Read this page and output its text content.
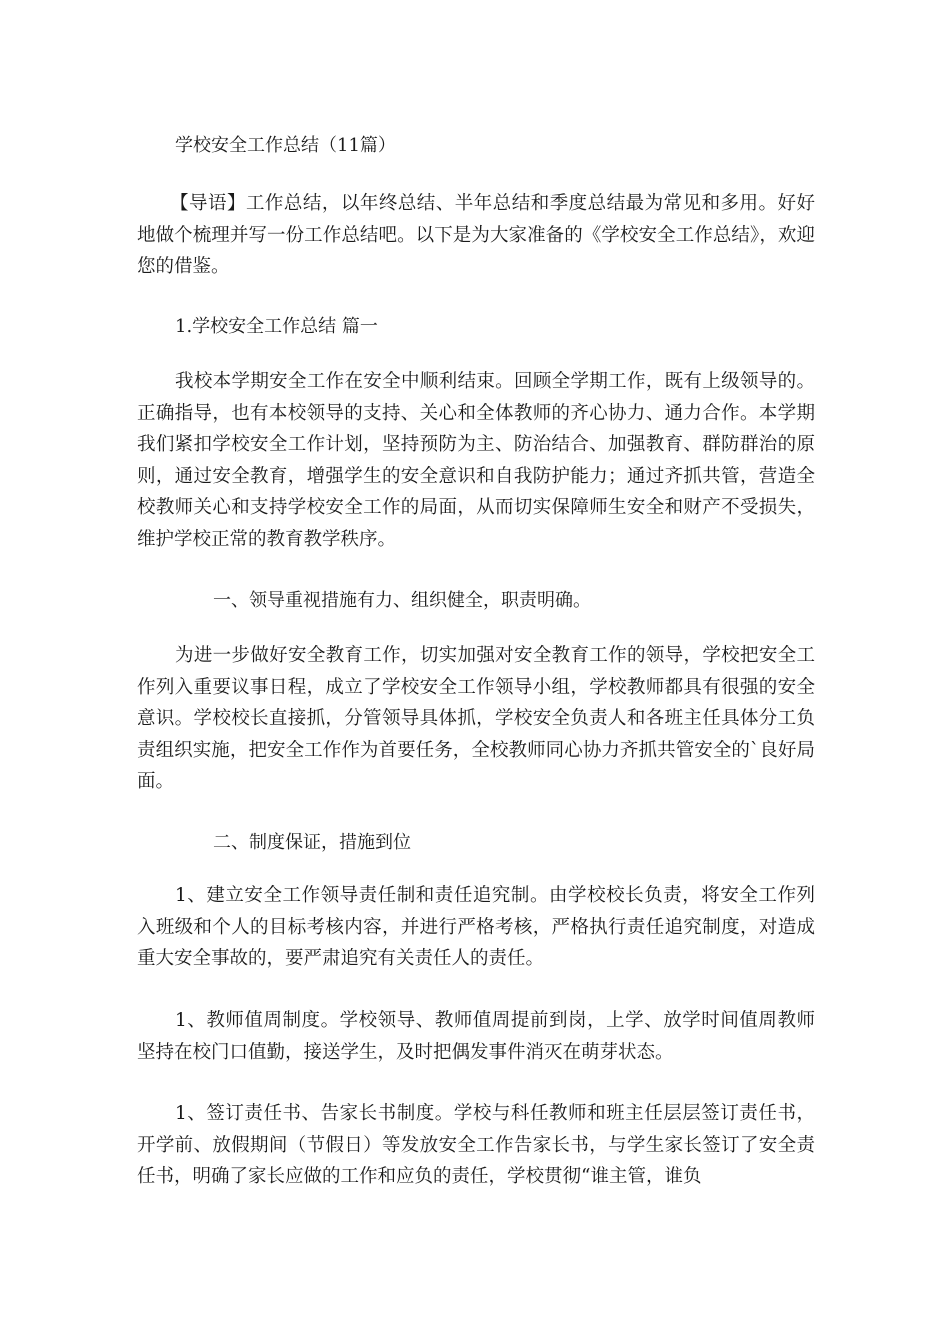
学校安全工作总结（11篇）

【导语】工作总结，以年终总结、半年总结和季度总结最为常见和多用。好好地做个梳理并写一份工作总结吧。以下是为大家准备的《学校安全工作总结》，欢迎您的借鉴。

1.学校安全工作总结 篇一

我校本学期安全工作在安全中顺利结束。回顾全学期工作，既有上级领导的。正确指导，也有本校领导的支持、关心和全体教师的齐心协力、通力合作。本学期我们紧扣学校安全工作计划，坚持预防为主、防治结合、加强教育、群防群治的原则，通过安全教育，增强学生的安全意识和自我防护能力；通过齐抓共管，营造全校教师关心和支持学校安全工作的局面，从而切实保障师生安全和财产不受损失，维护学校正常的教育教学秩序。

一、领导重视措施有力、组织健全，职责明确。

为进一步做好安全教育工作，切实加强对安全教育工作的领导，学校把安全工作列入重要议事日程，成立了学校安全工作领导小组，学校教师都具有很强的安全意识。学校校长直接抓，分管领导具体抓，学校安全负责人和各班主任具体分工负责组织实施，把安全工作作为首要任务，全校教师同心协力齐抓共管安全的`良好局面。

二、制度保证，措施到位

1、建立安全工作领导责任制和责任追究制。由学校校长负责，将安全工作列入班级和个人的目标考核内容，并进行严格考核，严格执行责任追究制度，对造成重大安全事故的，要严肃追究有关责任人的责任。

1、教师值周制度。学校领导、教师值周提前到岗，上学、放学时间值周教师坚持在校门口值勤，接送学生，及时把偶发事件消灭在萌芽状态。

1、签订责任书、告家长书制度。学校与科任教师和班主任层层签订责任书，开学前、放假期间（节假日）等发放安全工作告家长书，与学生家长签订了安全责任书，明确了家长应做的工作和应负的责任，学校贯彻“谁主管，谁负
